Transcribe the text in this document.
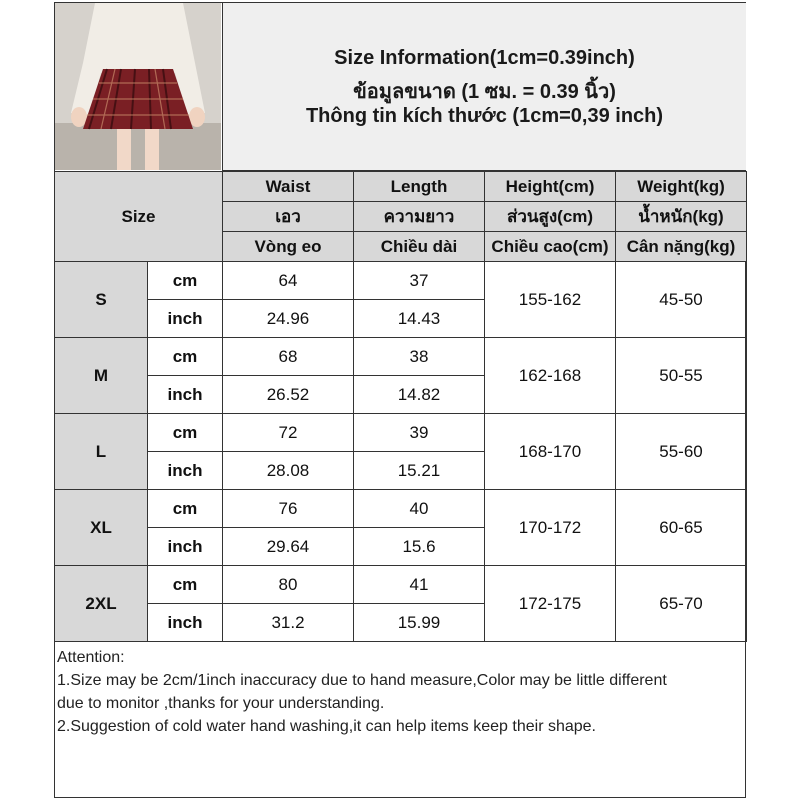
Size Information(1cm=0.39inch)
ข้อมูลขนาด (1 ซม. = 0.39 นิ้ว)
Thông tin kích thước (1cm=0,39 inch)
Size		Waist	Length	Height(cm)	Weight(kg)
		เอว	ความยาว	ส่วนสูง(cm)	น้ำหนัก(kg)
		Vòng eo	Chiều dài	Chiều cao(cm)	Cân nặng(kg)
S	cm	64	37	155-162	45-50
	inch	24.96	14.43		
M	cm	68	38	162-168	50-55
	inch	26.52	14.82		
L	cm	72	39	168-170	55-60
	inch	28.08	15.21		
XL	cm	76	40	170-172	60-65
	inch	29.64	15.6		
2XL	cm	80	41	172-175	65-70
	inch	31.2	15.99		
Attention:
1.Size may be 2cm/1inch inaccuracy due to hand measure,Color may be little different
due to monitor ,thanks for your understanding.
2.Suggestion of cold water hand washing,it can help items keep their shape.
